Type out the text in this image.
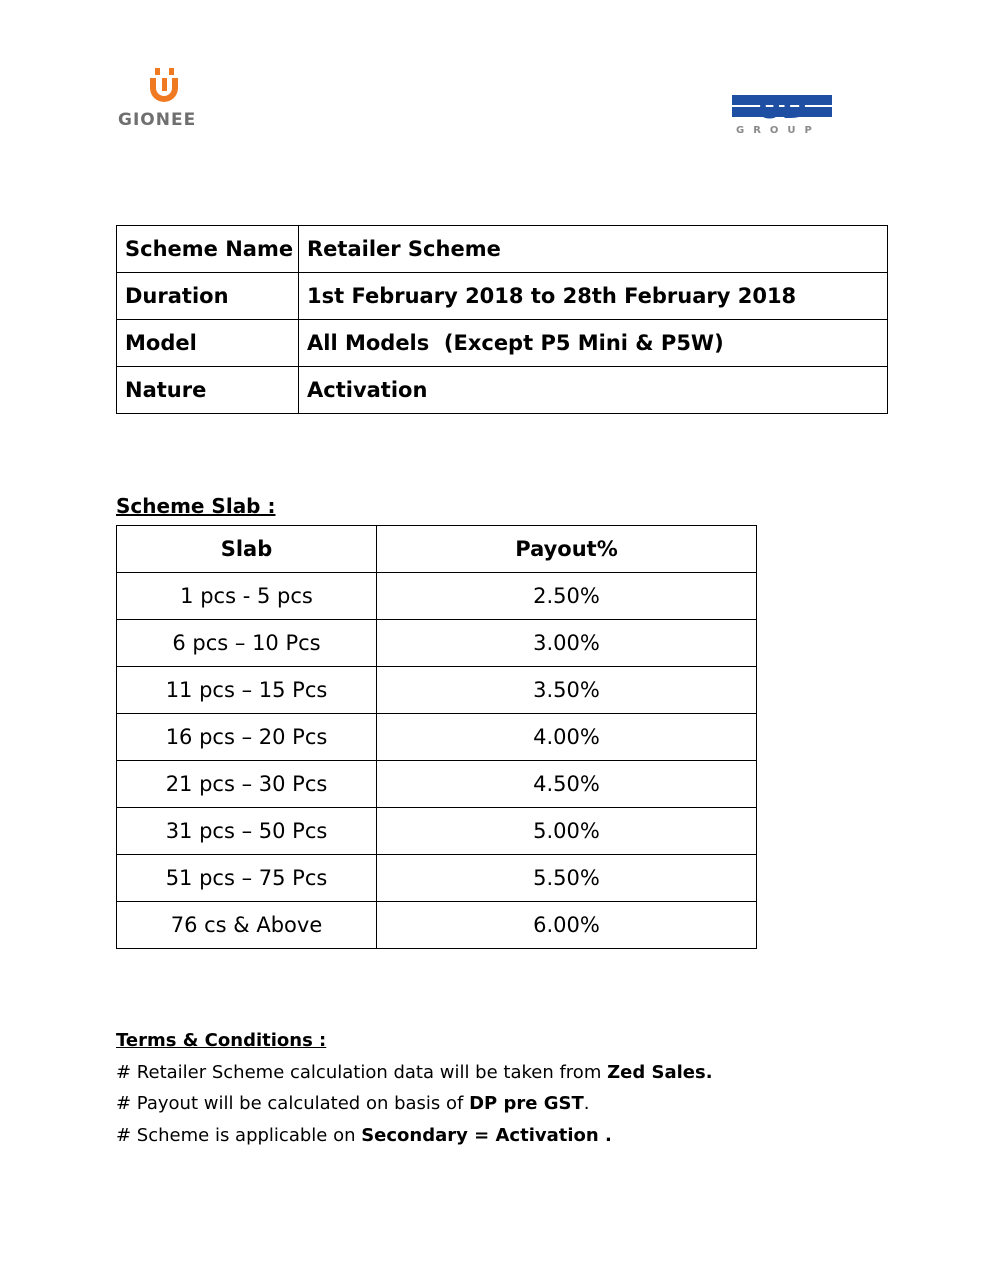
GIONEE	UD
GROUP
Scheme Name	Retailer Scheme
Duration	1st February 2018 to 28th February 2018
Model	All Models  (Except P5 Mini & P5W)
Nature	Activation
Scheme Slab :
Slab	Payout%
1 pcs - 5 pcs	2.50%
6 pcs – 10 Pcs	3.00%
11 pcs – 15 Pcs	3.50%
16 pcs – 20 Pcs	4.00%
21 pcs – 30 Pcs	4.50%
31 pcs – 50 Pcs	5.00%
51 pcs – 75 Pcs	5.50%
76 cs & Above	6.00%
Terms & Conditions :
# Retailer Scheme calculation data will be taken from Zed Sales.
# Payout will be calculated on basis of DP pre GST.
# Scheme is applicable on Secondary = Activation .
